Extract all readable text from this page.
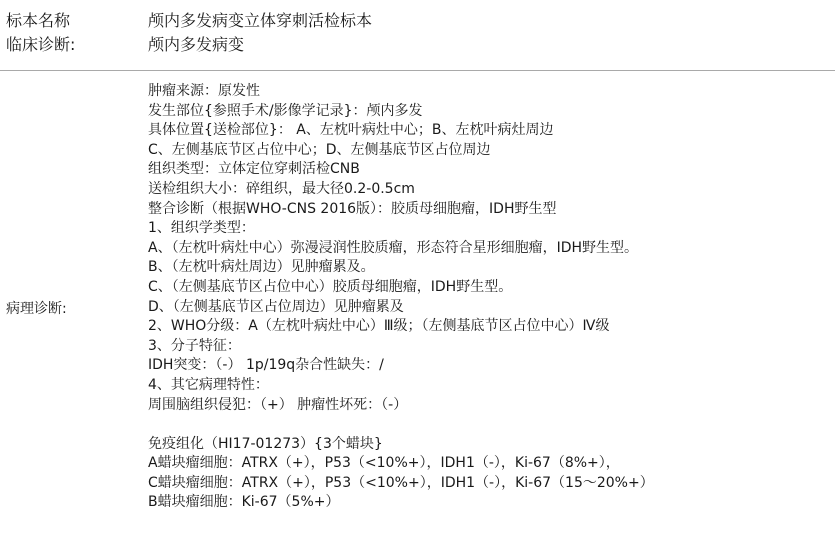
标本名称	颅内多发病变立体穿刺活检标本
临床诊断:	颅内多发病变
病理诊断:
肿瘤来源：原发性
发生部位{参照手术/影像学记录}：颅内多发
具体位置{送检部位}： A、左枕叶病灶中心；B、左枕叶病灶周边
C、左侧基底节区占位中心；D、左侧基底节区占位周边
组织类型：立体定位穿刺活检CNB
送检组织大小：碎组织，最大径0.2-0.5cm
整合诊断（根据WHO-CNS 2016版）：胶质母细胞瘤，IDH野生型
1、组织学类型：
A、（左枕叶病灶中心）弥漫浸润性胶质瘤，形态符合星形细胞瘤，IDH野生型。
B、（左枕叶病灶周边）见肿瘤累及。
C、（左侧基底节区占位中心）胶质母细胞瘤，IDH野生型。
D、（左侧基底节区占位周边）见肿瘤累及
2、WHO分级：A（左枕叶病灶中心）Ⅲ级；（左侧基底节区占位中心）Ⅳ级
3、分子特征：
IDH突变：（-） 1p/19q杂合性缺失：/
4、其它病理特性：
周围脑组织侵犯：（+） 肿瘤性坏死：（-）
免疫组化（HI17-01273）{3个蜡块}
A蜡块瘤细胞：ATRX（+），P53（<10%+），IDH1（-），Ki-67（8%+），
C蜡块瘤细胞：ATRX（+），P53（<10%+），IDH1（-），Ki-67（15～20%+）
B蜡块瘤细胞：Ki-67（5%+）
